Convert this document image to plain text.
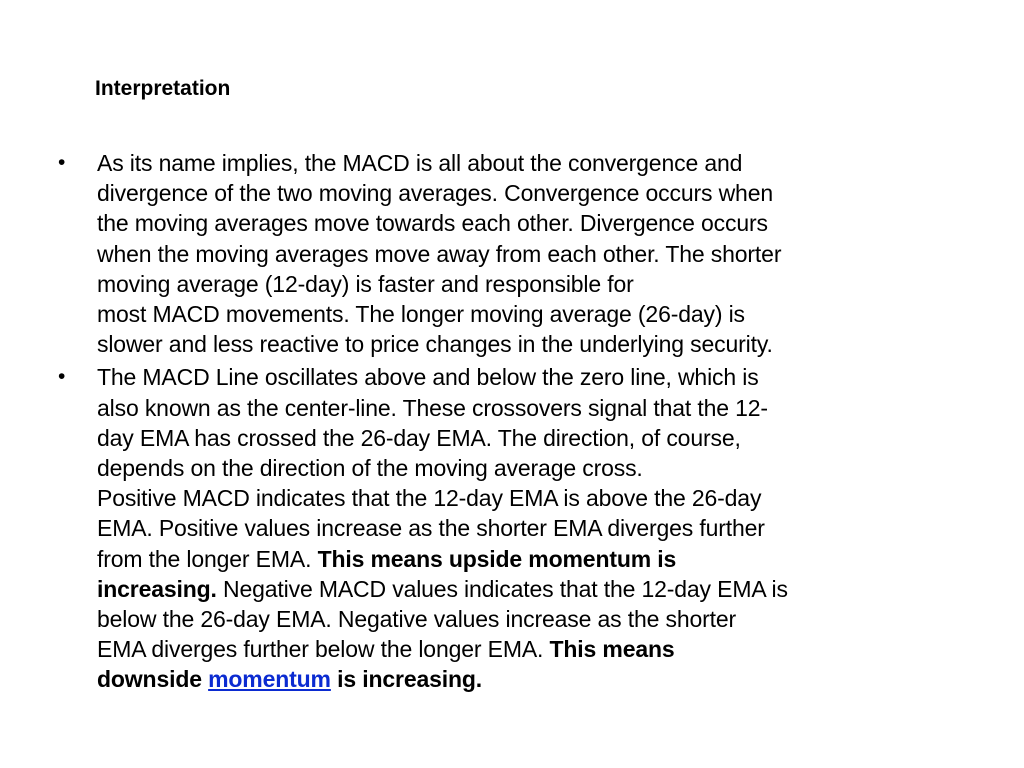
Interpretation
• As its name implies, the MACD is all about the convergence and
divergence of the two moving averages. Convergence occurs when
the moving averages move towards each other. Divergence occurs
when the moving averages move away from each other. The shorter
moving average (12-day) is faster and responsible for
most MACD movements. The longer moving average (26-day) is
slower and less reactive to price changes in the underlying security.
• The MACD Line oscillates above and below the zero line, which is
also known as the center-line. These crossovers signal that the 12-
day EMA has crossed the 26-day EMA. The direction, of course,
depends on the direction of the moving average cross.
Positive MACD indicates that the 12-day EMA is above the 26-day
EMA. Positive values increase as the shorter EMA diverges further
from the longer EMA. This means upside momentum is
increasing. Negative MACD values indicates that the 12-day EMA is
below the 26-day EMA. Negative values increase as the shorter
EMA diverges further below the longer EMA. This means
downside momentum is increasing.
